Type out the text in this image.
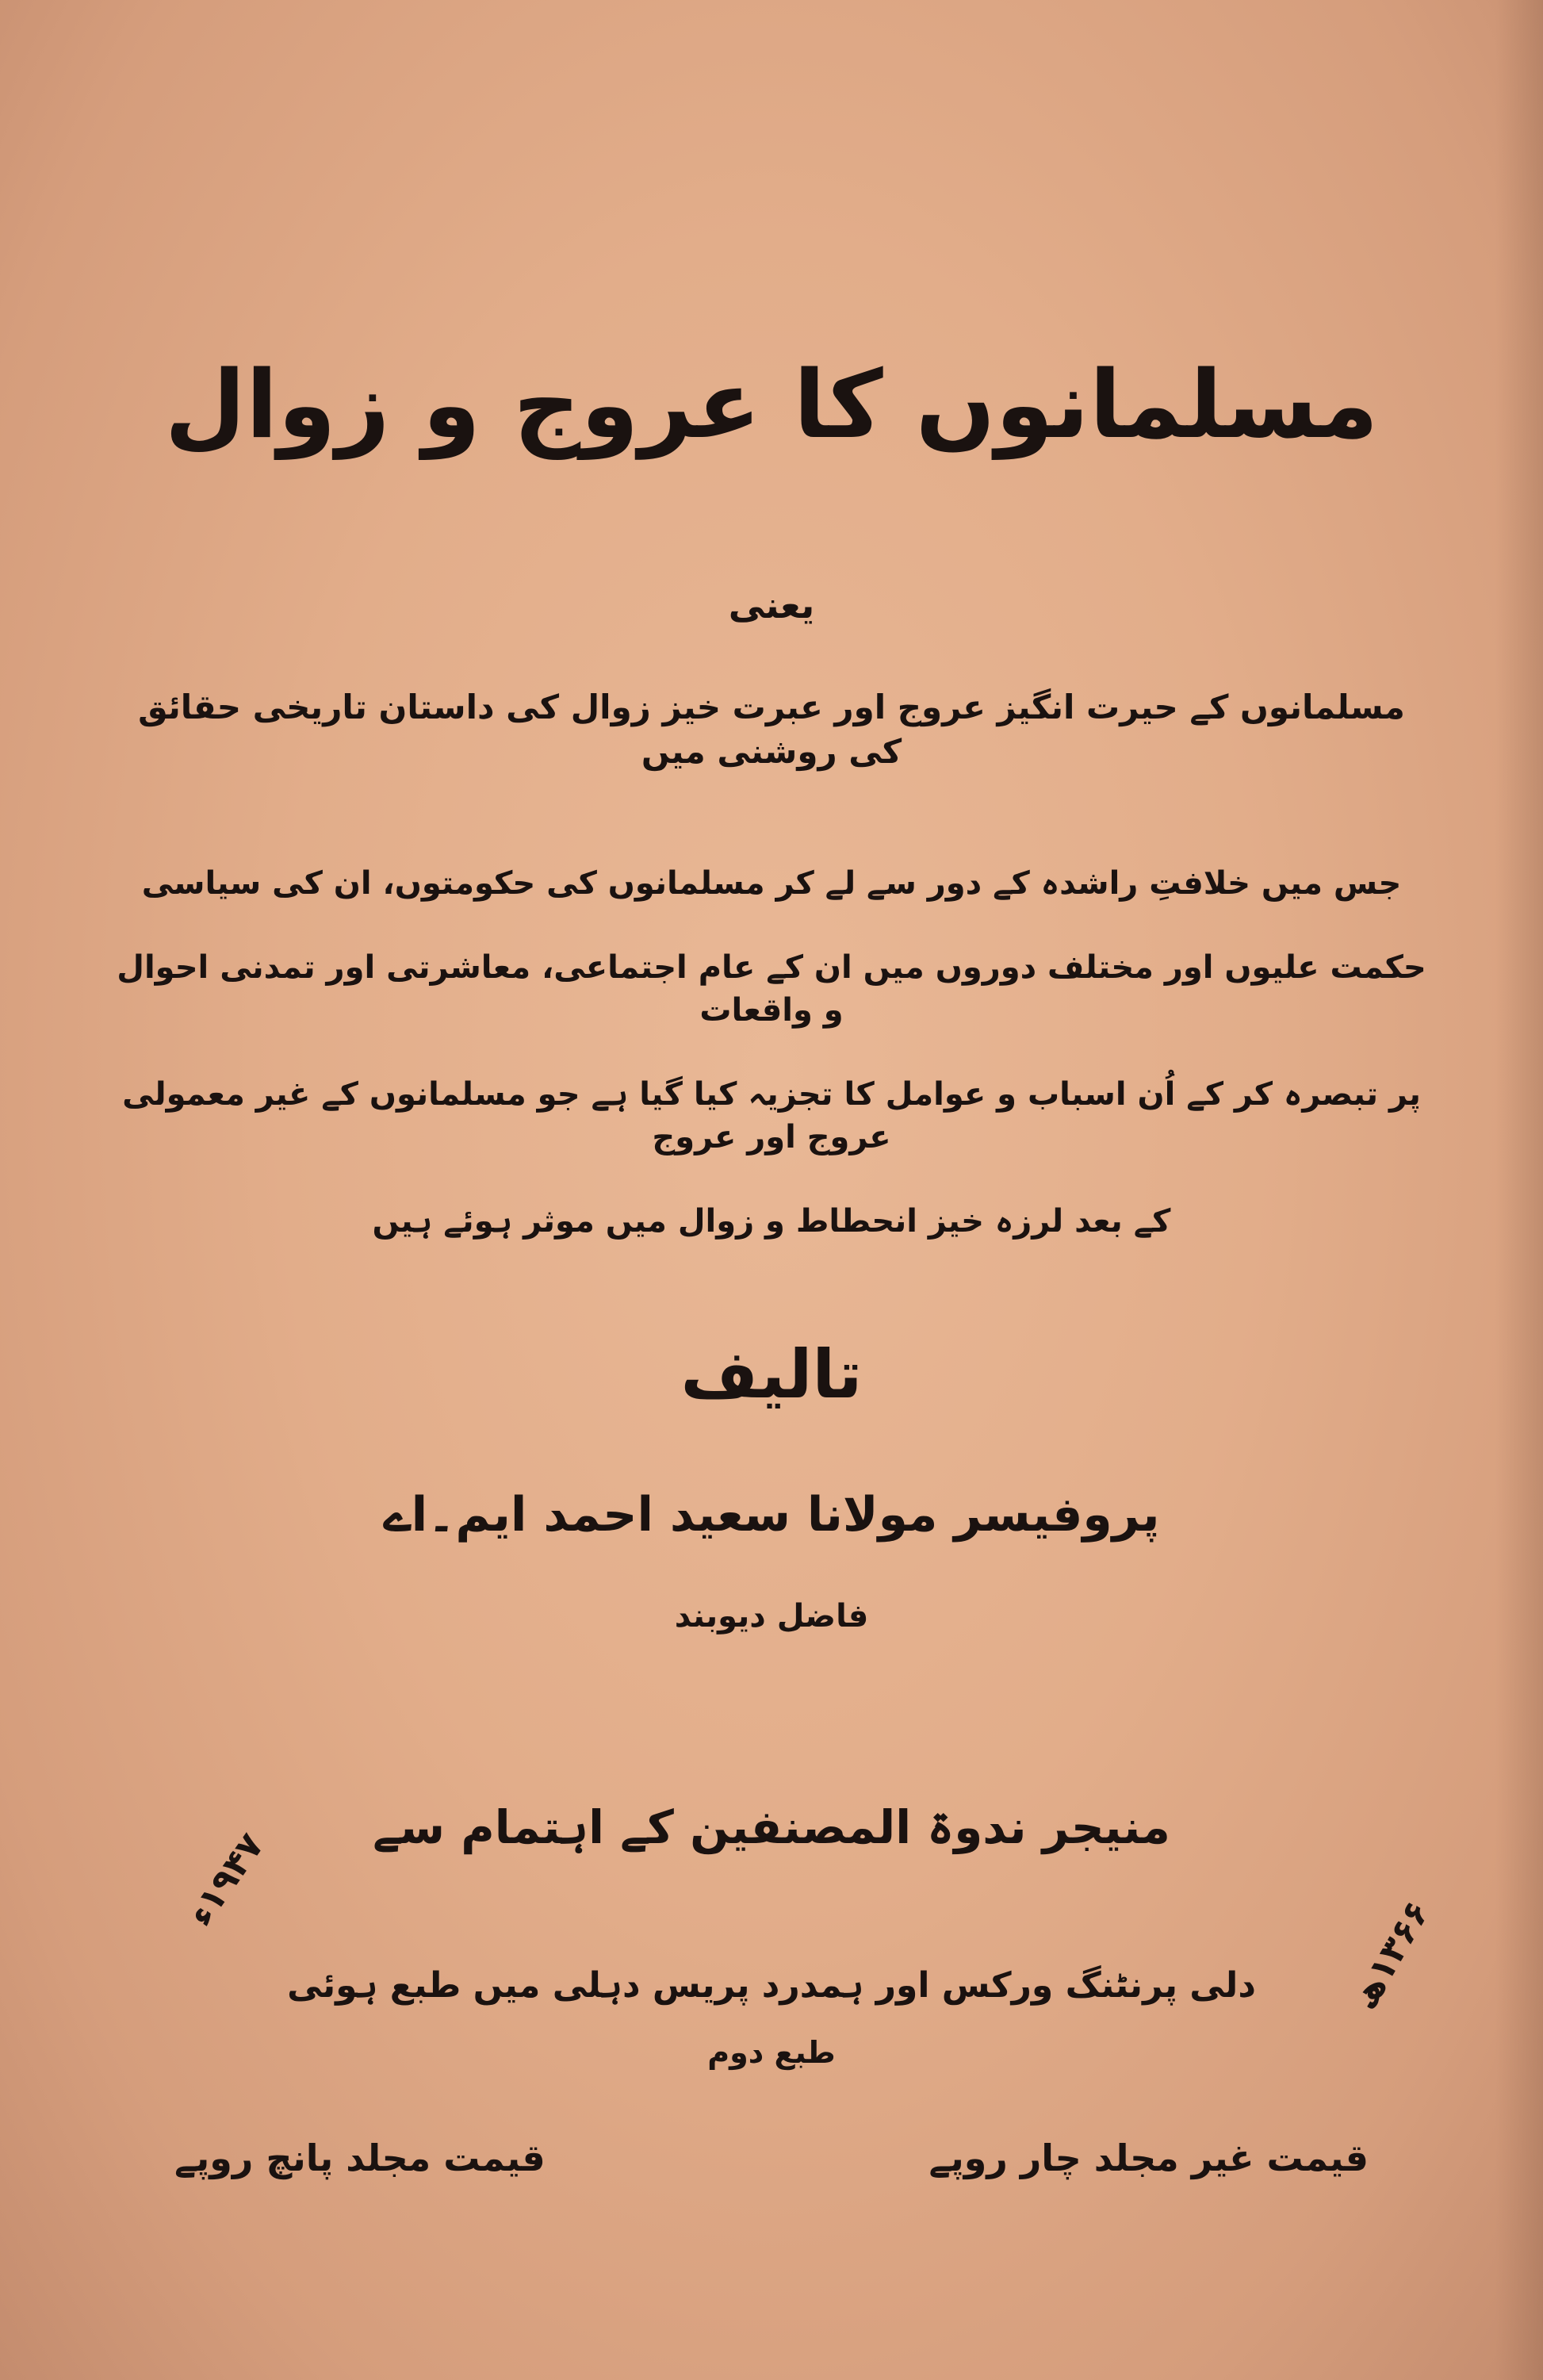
مسلمانوں کا عروج و زوال
یعنی
مسلمانوں کے حیرت انگیز عروج اور عبرت خیز زوال کی داستان تاریخی حقائق کی روشنی میں
جس میں خلافتِ راشدہ کے دور سے لے کر مسلمانوں کی حکومتوں، ان کی سیاسی
حکمت علیوں اور مختلف دوروں میں ان کے عام اجتماعی، معاشرتی اور تمدنی احوال و واقعات
پر تبصرہ کر کے اُن اسباب و عوامل کا تجزیہ کیا گیا ہے جو مسلمانوں کے غیر معمولی عروج اور عروج
کے بعد لرزہ خیز انحطاط و زوال میں موثر ہوئے ہیں
تالیف
پروفیسر مولانا سعید احمد ایم۔اے
فاضل دیوبند
منیجر ندوۃ المصنفین کے اہتمام سے
دلی پرنٹنگ ورکس اور ہمدرد پریس دہلی میں طبع ہوئی
طبع دوم
قیمت مجلد پانچ روپے	قیمت غیر مجلد چار روپے
۱۹۴۷ء
۱۳۶۶ھ
